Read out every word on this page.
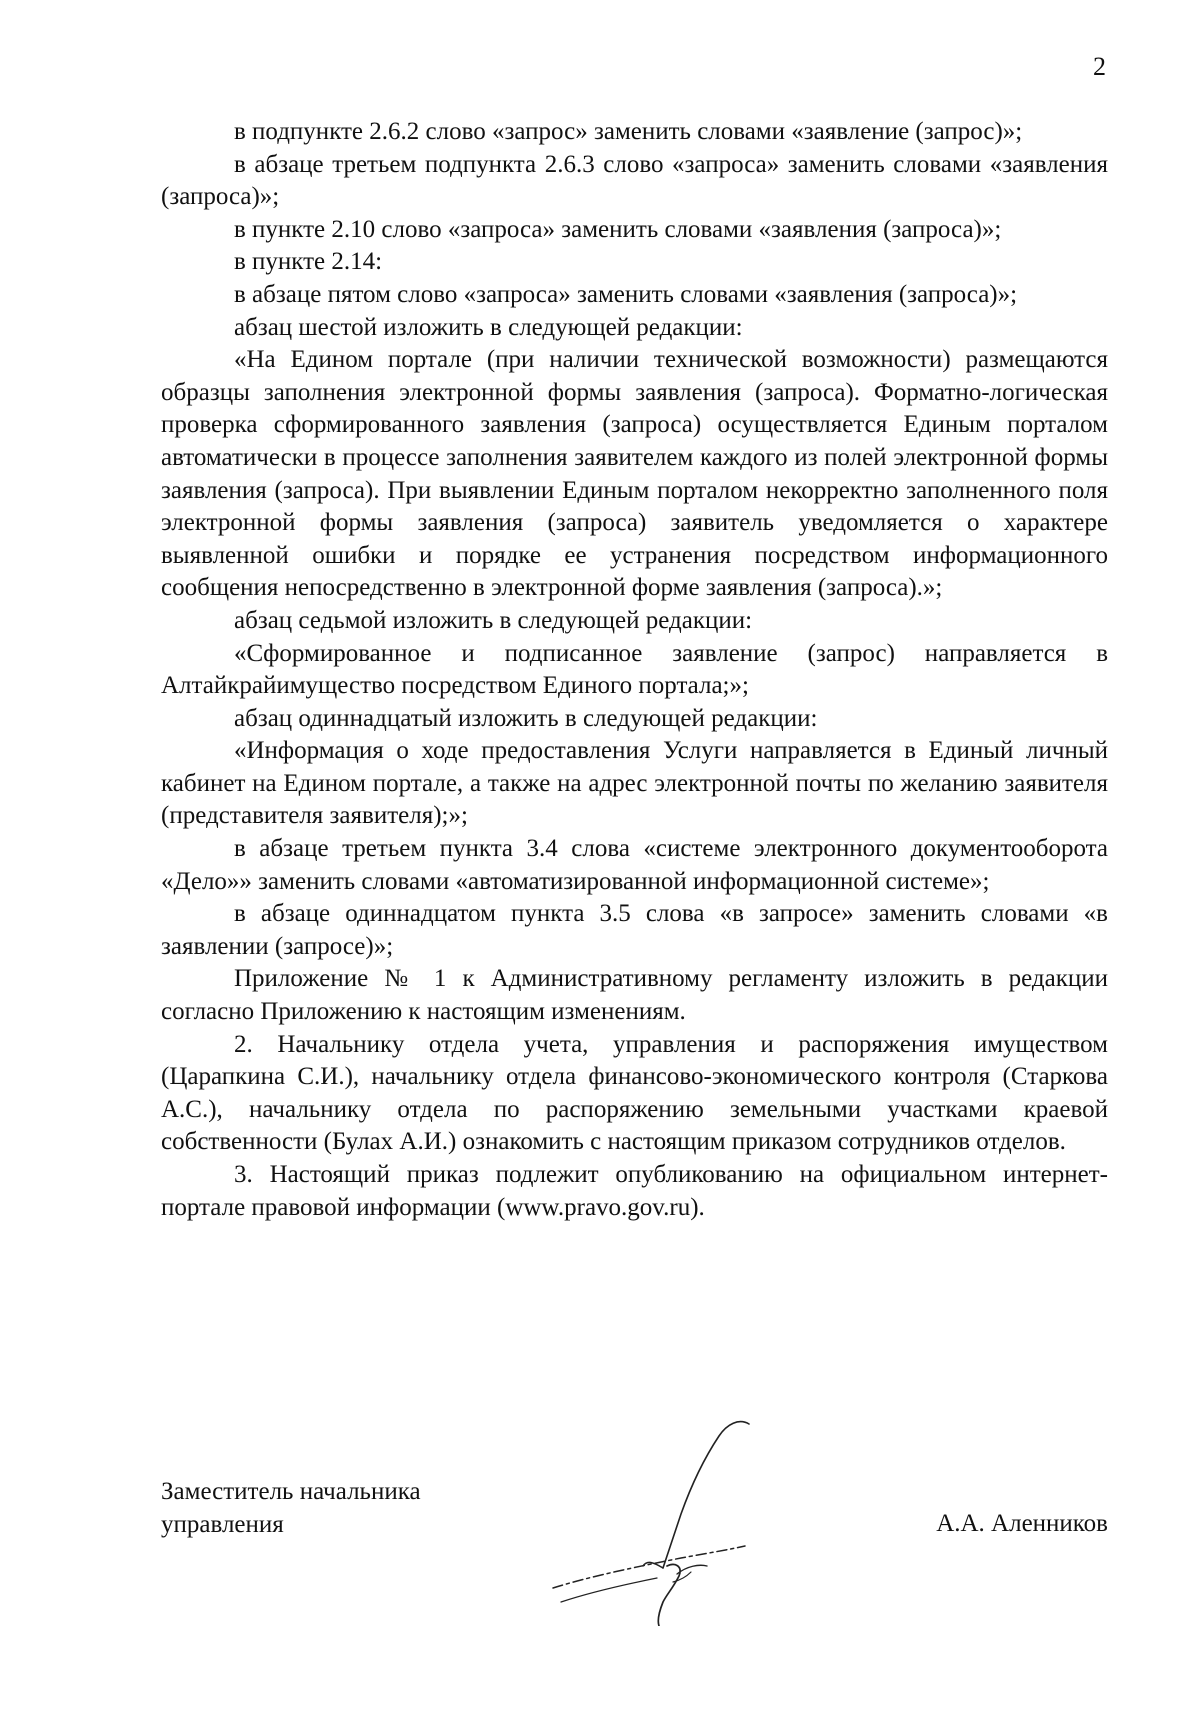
2

в подпункте 2.6.2 слово «запрос» заменить словами «заявление (запрос)»;

в абзаце третьем подпункта 2.6.3 слово «запроса» заменить словами «заявления (запроса)»;

в пункте 2.10 слово «запроса» заменить словами «заявления (запроса)»;

в пункте 2.14:

в абзаце пятом слово «запроса» заменить словами «заявления (запроса)»;

абзац шестой изложить в следующей редакции:

«На Едином портале (при наличии технической возможности) размещаются образцы заполнения электронной формы заявления (запроса). Форматно-логическая проверка сформированного заявления (запроса) осуществляется Единым порталом автоматически в процессе заполнения заявителем каждого из полей электронной формы заявления (запроса). При выявлении Единым порталом некорректно заполненного поля электронной формы заявления (запроса) заявитель уведомляется о характере выявленной ошибки и порядке ее устранения посредством информационного сообщения непосредственно в электронной форме заявления (запроса).»;

абзац седьмой изложить в следующей редакции:

«Сформированное и подписанное заявление (запрос) направляется в Алтайкрайимущество посредством Единого портала;»;

абзац одиннадцатый изложить в следующей редакции:

«Информация о ходе предоставления Услуги направляется в Единый личный кабинет на Едином портале, а также на адрес электронной почты по желанию заявителя (представителя заявителя);»;

в абзаце третьем пункта 3.4 слова «системе электронного документооборота «Дело»» заменить словами «автоматизированной информационной системе»;

в абзаце одиннадцатом пункта 3.5 слова «в запросе» заменить словами «в заявлении (запросе)»;

Приложение № 1 к Административному регламенту изложить в редакции согласно Приложению к настоящим изменениям.

2. Начальнику отдела учета, управления и распоряжения имуществом (Царапкина С.И.), начальнику отдела финансово-экономического контроля (Старкова А.С.), начальнику отдела по распоряжению земельными участками краевой собственности (Булах А.И.) ознакомить с настоящим приказом сотрудников отделов.

3. Настоящий приказ подлежит опубликованию на официальном интернет-портале правовой информации (www.pravo.gov.ru).

Заместитель начальника
управления	А.А. Аленников
